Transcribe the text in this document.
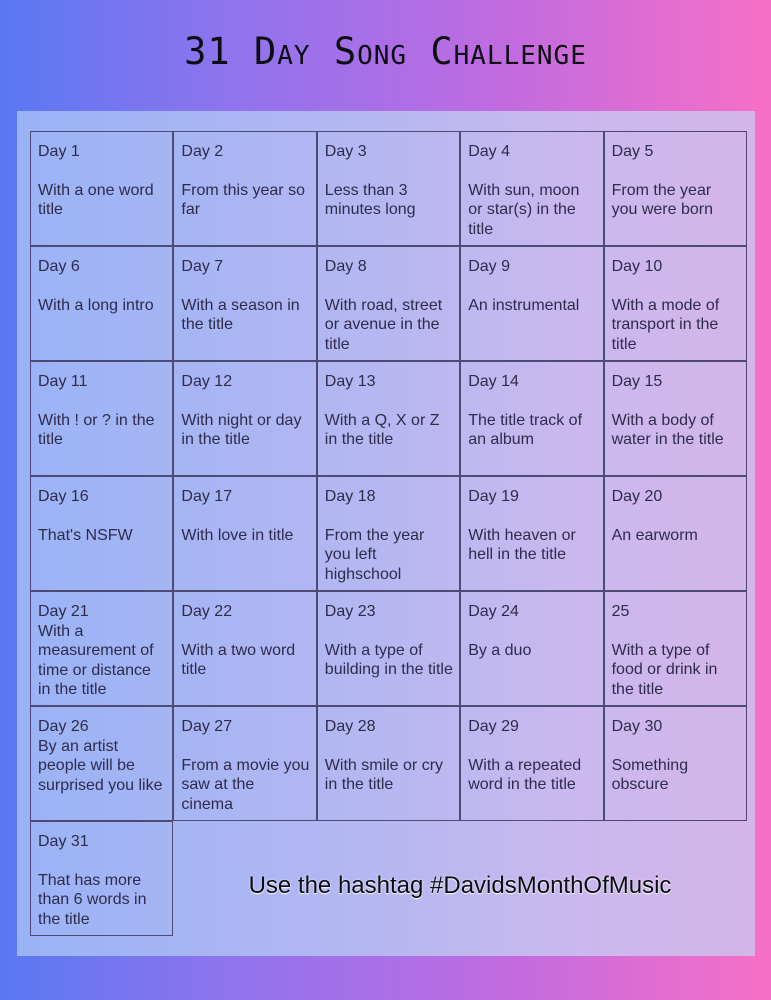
31 Day Song Challenge
Day 1
With a one word title
Day 2
From this year so far
Day 3
Less than 3 minutes long
Day 4
With sun, moon or star(s) in the title
Day 5
From the year you were born
Day 6
With a long intro
Day 7
With a season in the title
Day 8
With road, street or avenue in the title
Day 9
An instrumental
Day 10
With a mode of transport in the title
Day 11
With ! or ? in the title
Day 12
With night or day in the title
Day 13
With a Q, X or Z in the title
Day 14
The title track of an album
Day 15
With a body of water in the title
Day 16
That's NSFW
Day 17
With love in title
Day 18
From the year you left highschool
Day 19
With heaven or hell in the title
Day 20
An earworm
Day 21
With a measurement of time or distance in the title
Day 22
With a two word title
Day 23
With a type of building in the title
Day 24
By a duo
25
With a type of food or drink in the title
Day 26
By an artist people will be surprised you like
Day 27
From a movie you saw at the cinema
Day 28
With smile or cry in the title
Day 29
With a repeated word in the title
Day 30
Something obscure
Day 31
That has more than 6 words in the title
Use the hashtag #DavidsMonthOfMusic
